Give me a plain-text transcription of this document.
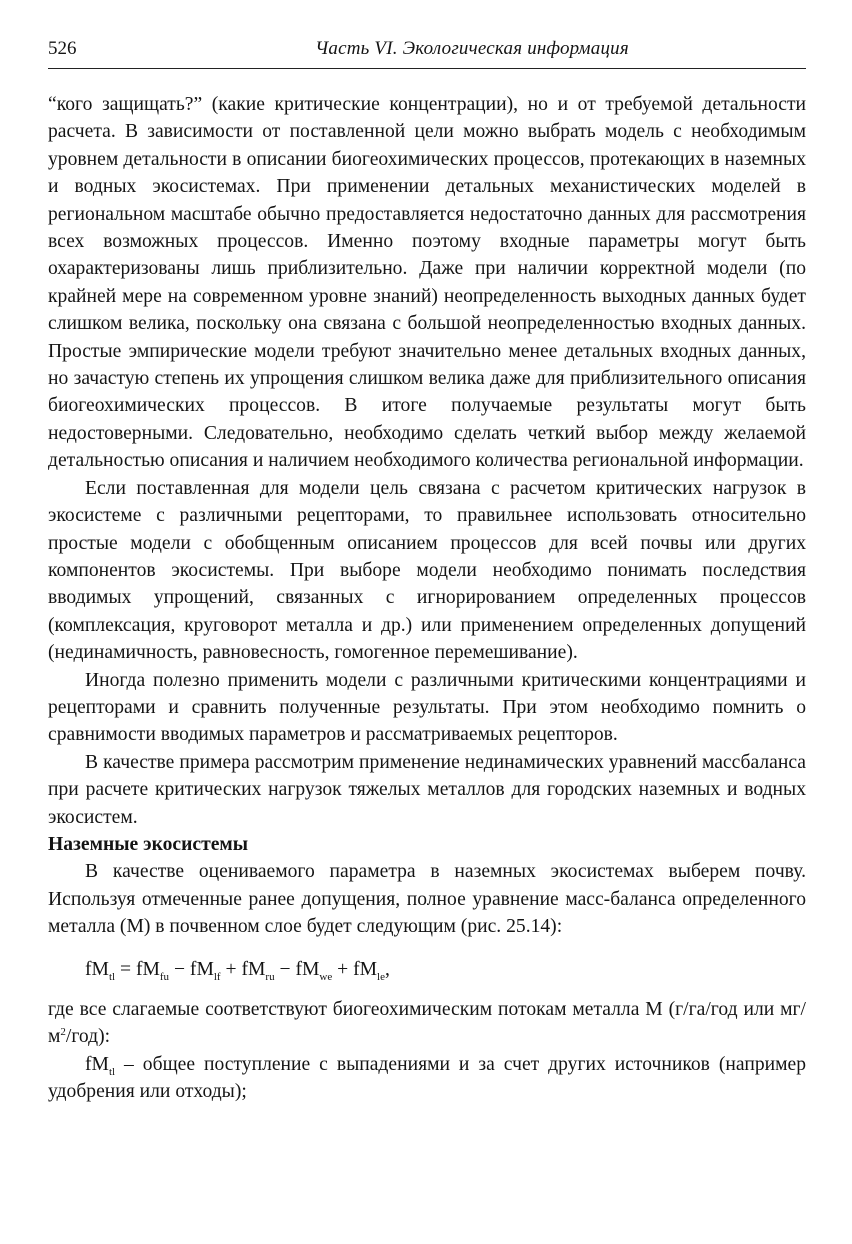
526	Часть VI. Экологическая информация

“кого защищать?” (какие критические концентрации), но и от требуемой детальности расчета. В зависимости от поставленной цели можно выбрать модель с необходимым уровнем детальности в описании биогеохимических процессов, протекающих в наземных и водных экосистемах. При применении детальных механистических моделей в региональном масштабе обычно предоставляется недостаточно данных для рассмотрения всех возможных процессов. Именно поэтому входные параметры могут быть охарактеризованы лишь приблизительно. Даже при наличии корректной модели (по крайней мере на современном уровне знаний) неопределенность выходных данных будет слишком велика, поскольку она связана с большой неопределенностью входных данных. Простые эмпирические модели требуют значительно менее детальных входных данных, но зачастую степень их упрощения слишком велика даже для приблизительного описания биогеохимических процессов. В итоге получаемые результаты могут быть недостоверными. Следовательно, необходимо сделать четкий выбор между желаемой детальностью описания и наличием необходимого количества региональной информации.

Если поставленная для модели цель связана с расчетом критических нагрузок в экосистеме с различными рецепторами, то правильнее использовать относительно простые модели с обобщенным описанием процессов для всей почвы или других компонентов экосистемы. При выборе модели необходимо понимать последствия вводимых упрощений, связанных с игнорированием определенных процессов (комплексация, круговорот металла и др.) или применением определенных допущений (нединамичность, равновесность, гомогенное перемешивание).

Иногда полезно применить модели с различными критическими концентрациями и рецепторами и сравнить полученные результаты. При этом необходимо помнить о сравнимости вводимых параметров и рассматриваемых рецепторов.

В качестве примера рассмотрим применение нединамических уравнений массбаланса при расчете критических нагрузок тяжелых металлов для городских наземных и водных экосистем.

Наземные экосистемы

В качестве оцениваемого параметра в наземных экосистемах выберем почву. Используя отмеченные ранее допущения, полное уравнение масс-баланса определенного металла (М) в почвенном слое будет следующим (рис. 25.14):

$fM_{tl} = fM_{fu} - fM_{lf} + fM_{ru} - fM_{we} + fM_{le}$,

где все слагаемые соответствуют биогеохимическим потокам металла М (г/га/год или $мг/м^2/год$):

$fM_{tl}$ – общее поступление с выпадениями и за счет других источников (например удобрения или отходы);
